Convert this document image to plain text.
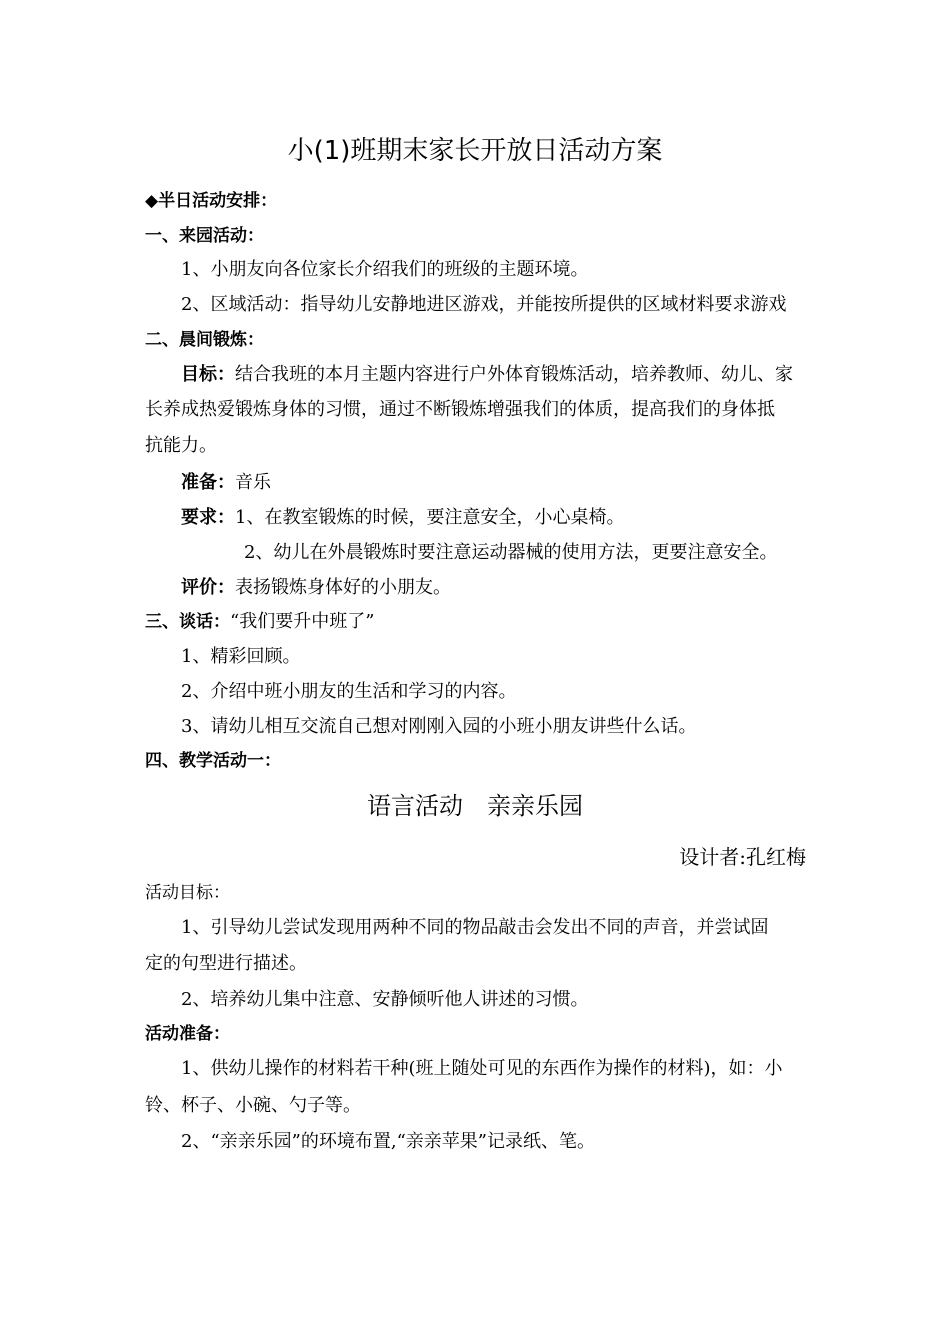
小(1)班期末家长开放日活动方案
◆半日活动安排：
一、来园活动：
1、小朋友向各位家长介绍我们的班级的主题环境。
2、区域活动：指导幼儿安静地进区游戏，并能按所提供的区域材料要求游戏
二、晨间锻炼：
目标：结合我班的本月主题内容进行户外体育锻炼活动，培养教师、幼儿、家
长养成热爱锻炼身体的习惯，通过不断锻炼增强我们的体质，提高我们的身体抵
抗能力。
准备：音乐
要求：1、在教室锻炼的时候，要注意安全，小心桌椅。
2、幼儿在外晨锻炼时要注意运动器械的使用方法，更要注意安全。
评价：表扬锻炼身体好的小朋友。
三、谈话：“我们要升中班了”
1、精彩回顾。
2、介绍中班小朋友的生活和学习的内容。
3、请幼儿相互交流自己想对刚刚入园的小班小朋友讲些什么话。
四、教学活动一：
语言活动　亲亲乐园
设计者:孔红梅
活动目标：
1、引导幼儿尝试发现用两种不同的物品敲击会发出不同的声音，并尝试固
定的句型进行描述。
2、培养幼儿集中注意、安静倾听他人讲述的习惯。
活动准备：
1、供幼儿操作的材料若干种(班上随处可见的东西作为操作的材料)，如：小
铃、杯子、小碗、勺子等。
2、“亲亲乐园”的环境布置,“亲亲苹果”记录纸、笔。
